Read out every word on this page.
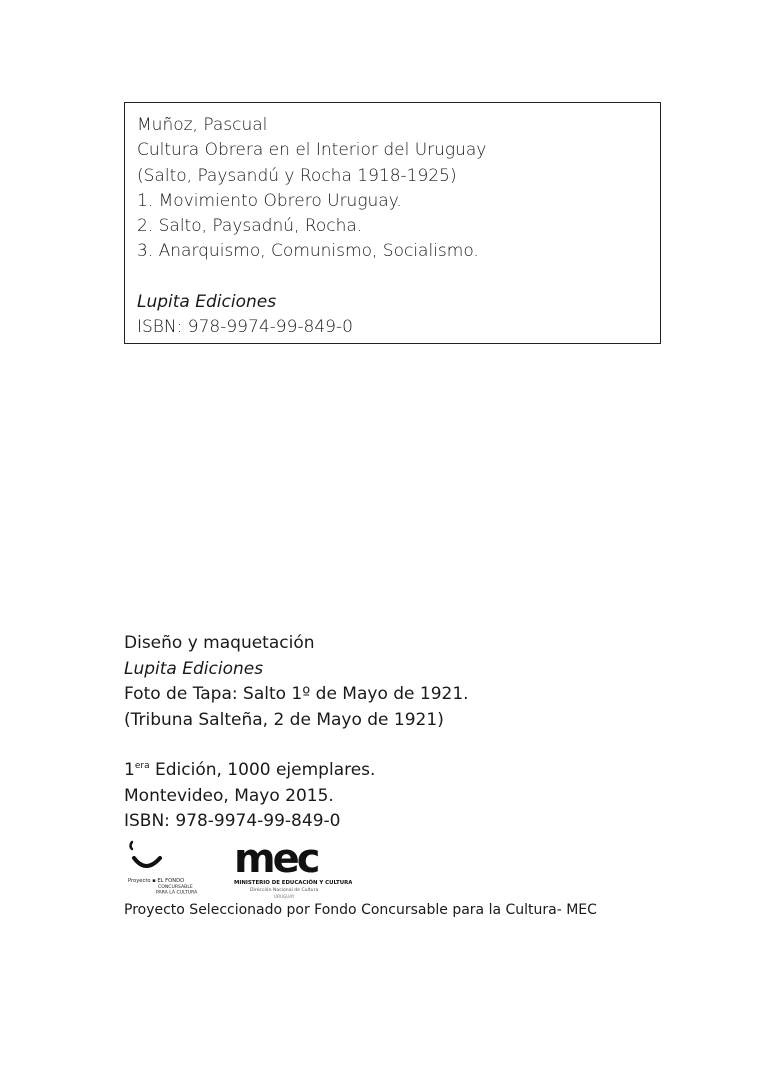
Muñoz, Pascual
Cultura Obrera en el Interior del Uruguay
(Salto, Paysandú y Rocha 1918-1925)
1. Movimiento Obrero Uruguay.
2. Salto, Paysadnú, Rocha.
3. Anarquismo, Comunismo, Socialismo.
Lupita Ediciones
ISBN: 978-9974-99-849-0
Diseño y maquetación
Lupita Ediciones
Foto de Tapa: Salto 1º de Mayo de 1921.
(Tribuna Salteña, 2 de Mayo de 1921)
$1^{era}$ Edición, 1000 ejemplares.
Montevideo, Mayo 2015.
ISBN: 978-9974-99-849-0
Proyecto ▪ EL FONDO
CONCURSABLE
PARA LA CULTURA
mec
MINISTERIO DE EDUCACIÓN Y CULTURA
Dirección Nacional de Cultura
URUGUAY
Proyecto Seleccionado por Fondo Concursable para la Cultura- MEC
